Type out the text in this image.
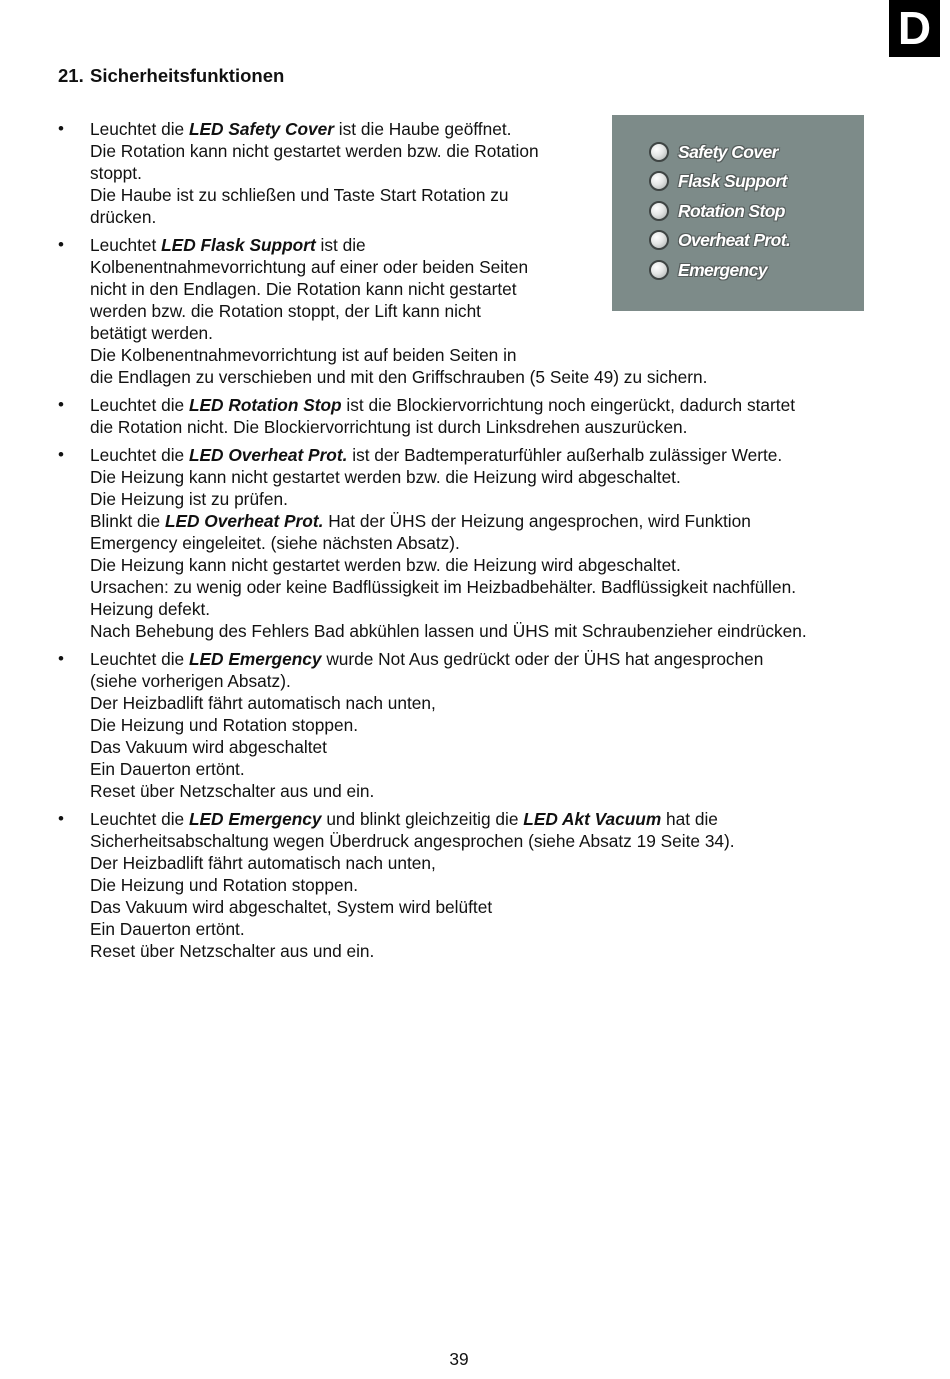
D
21. Sicherheitsfunktionen
Safety Cover
Flask Support
Rotation Stop
Overheat Prot.
Emergency
• Leuchtet die LED Safety Cover ist die Haube geöffnet.
Die Rotation kann nicht gestartet werden bzw. die Rotation
stoppt.
Die Haube ist zu schließen und Taste Start Rotation zu
drücken.
• Leuchtet LED Flask Support ist die
Kolbenentnahmevorrichtung auf einer oder beiden Seiten
nicht in den Endlagen. Die Rotation kann nicht gestartet
werden bzw. die Rotation stoppt, der Lift kann nicht
betätigt werden.
Die Kolbenentnahmevorrichtung ist auf beiden Seiten in
die Endlagen zu verschieben und mit den Griffschrauben (5 Seite 49) zu sichern.
• Leuchtet die LED Rotation Stop ist die Blockiervorrichtung noch eingerückt, dadurch startet
die Rotation nicht. Die Blockiervorrichtung ist durch Linksdrehen auszurücken.
• Leuchtet die LED Overheat Prot. ist der Badtemperaturfühler außerhalb zulässiger Werte.
Die Heizung kann nicht gestartet werden bzw. die Heizung wird abgeschaltet.
Die Heizung ist zu prüfen.
Blinkt die LED Overheat Prot. Hat der ÜHS der Heizung angesprochen, wird Funktion
Emergency eingeleitet. (siehe nächsten Absatz).
Die Heizung kann nicht gestartet werden bzw. die Heizung wird abgeschaltet.
Ursachen: zu wenig oder keine Badflüssigkeit im Heizbadbehälter. Badflüssigkeit nachfüllen.
Heizung defekt.
Nach Behebung des Fehlers Bad abkühlen lassen und ÜHS mit Schraubenzieher eindrücken.
• Leuchtet die LED Emergency wurde Not Aus gedrückt oder der ÜHS hat angesprochen
(siehe vorherigen Absatz).
Der Heizbadlift fährt automatisch nach unten,
Die Heizung und Rotation stoppen.
Das Vakuum wird abgeschaltet
Ein Dauerton ertönt.
Reset über Netzschalter aus und ein.
• Leuchtet die LED Emergency und blinkt gleichzeitig die LED Akt Vacuum hat die
Sicherheitsabschaltung wegen Überdruck angesprochen (siehe Absatz 19 Seite 34).
Der Heizbadlift fährt automatisch nach unten,
Die Heizung und Rotation stoppen.
Das Vakuum wird abgeschaltet, System wird belüftet
Ein Dauerton ertönt.
Reset über Netzschalter aus und ein.
39
